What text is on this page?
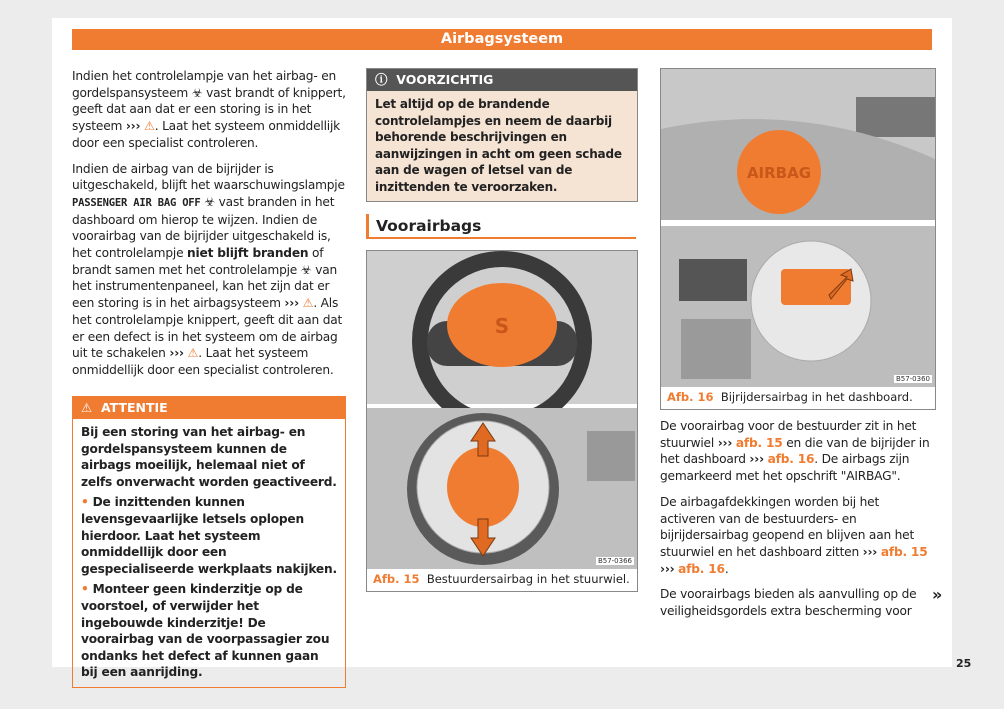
Airbagsysteem

Indien het controlelampje van het airbag- en gordelspansysteem ☣ vast brandt of knippert, geeft dat aan dat er een storing is in het systeem ››› ⚠. Laat het systeem onmiddellijk door een specialist controleren.

Indien de airbag van de bijrijder is uitgeschakeld, blijft het waarschuwingslampje PASSENGER AIR BAG OFF ☣ vast branden in het dashboard om hierop te wijzen. Indien de voorairbag van de bijrijder uitgeschakeld is, het controlelampje niet blijft branden of brandt samen met het controlelampje ☣ van het instrumentenpaneel, kan het zijn dat er een storing is in het airbagsysteem ››› ⚠. Als het controlelampje knippert, geeft dit aan dat er een defect is in het systeem om de airbag uit te schakelen ››› ⚠. Laat het systeem onmiddellijk door een specialist controleren.

⚠ ATTENTIE

Bij een storing van het airbag- en gordelspansysteem kunnen de airbags moeilijk, helemaal niet of zelfs onverwacht worden geactiveerd.

• De inzittenden kunnen levensgevaarlijke letsels oplopen hierdoor. Laat het systeem onmiddellijk door een gespecialiseerde werkplaats nakijken.

• Monteer geen kinderzitje op de voorstoel, of verwijder het ingebouwde kinderzitje! De voorairbag van de voorpassagier zou ondanks het defect af kunnen gaan bij een aanrijding.

ⓘ VOORZICHTIG
Let altijd op de brandende controlelampjes en neem de daarbij behorende beschrijvingen en aanwijzingen in acht om geen schade aan de wagen of letsel van de inzittenden te veroorzaken.
Voorairbags
S
B57-0366
Afb. 15 Bestuurdersairbag in het stuurwiel.
AIRBAG
B57-0360
Afb. 16 Bijrijdersairbag in het dashboard.

De voorairbag voor de bestuurder zit in het stuurwiel ››› afb. 15 en die van de bijrijder in het dashboard ››› afb. 16. De airbags zijn gemarkeerd met het opschrift "AIRBAG".

De airbagafdekkingen worden bij het activeren van de bestuurders- en bijrijdersairbag geopend en blijven aan het stuurwiel en het dashboard zitten ››› afb. 15 ››› afb. 16.

De voorairbags bieden als aanvulling op de veiligheidsgordels extra bescherming voor

»
25
